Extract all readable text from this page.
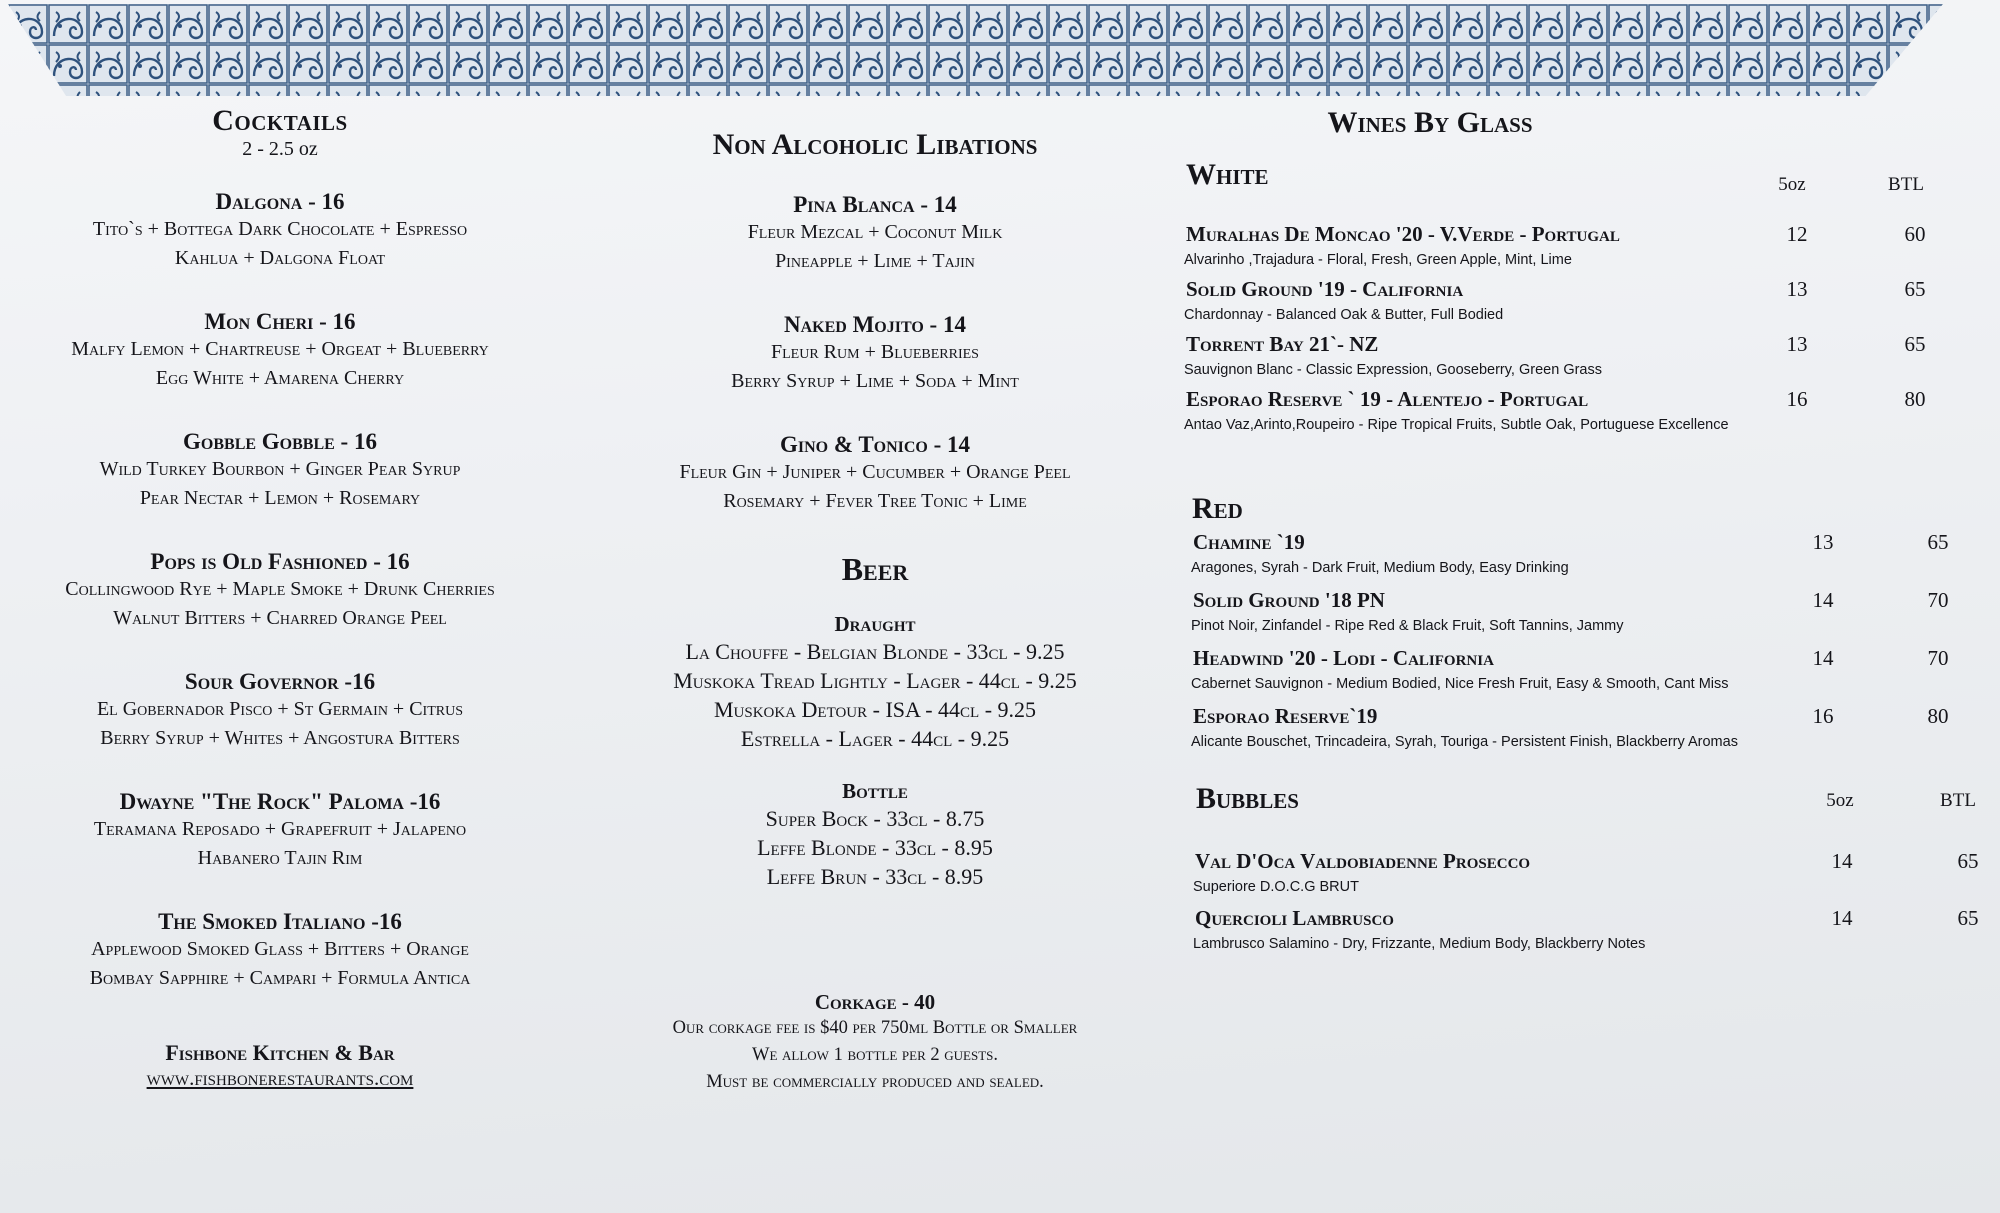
Cocktails
2 - 2.5 oz
Dalgona - 16
Tito`s + Bottega Dark Chocolate + Espresso
Kahlua + Dalgona Float
Mon Cheri - 16
Malfy Lemon + Chartreuse + Orgeat + Blueberry
Egg White + Amarena Cherry
Gobble Gobble - 16
Wild Turkey Bourbon + Ginger Pear Syrup
Pear Nectar + Lemon + Rosemary
Pops is Old Fashioned - 16
Collingwood Rye + Maple Smoke + Drunk Cherries
Walnut Bitters + Charred Orange Peel
Sour Governor -16
El Gobernador Pisco + St Germain + Citrus
Berry Syrup + Whites + Angostura Bitters
Dwayne "The Rock" Paloma -16
Teramana Reposado + Grapefruit + Jalapeno
Habanero Tajin Rim
The Smoked Italiano -16
Applewood Smoked Glass + Bitters + Orange
Bombay Sapphire + Campari + Formula Antica
Fishbone Kitchen & Bar
www.fishbonerestaurants.com
Non Alcoholic Libations
Pina Blanca - 14
Fleur Mezcal + Coconut Milk
Pineapple + Lime + Tajin
Naked Mojito - 14
Fleur Rum + Blueberries
Berry Syrup + Lime + Soda + Mint
Gino & Tonico - 14
Fleur Gin + Juniper + Cucumber + Orange Peel
Rosemary + Fever Tree Tonic + Lime
Beer
Draught
La Chouffe - Belgian Blonde - 33cl - 9.25
Muskoka Tread Lightly - Lager - 44cl - 9.25
Muskoka Detour - ISA - 44cl - 9.25
Estrella - Lager - 44cl - 9.25
Bottle
Super Bock - 33cl - 8.75
Leffe Blonde - 33cl - 8.95
Leffe Brun - 33cl - 8.95
Corkage - 40
Our corkage fee is $40 per 750ml Bottle or Smaller
We allow 1 bottle per 2 guests.
Must be commercially produced and sealed.
Wines By Glass
White	5oz	BTL
Muralhas De Moncao '20 - V.Verde - Portugal
Alvarinho ,Trajadura - Floral, Fresh, Green Apple, Mint, Lime
12	60
Solid Ground '19 - California
Chardonnay - Balanced Oak & Butter, Full Bodied
13	65
Torrent Bay 21`- NZ
Sauvignon Blanc - Classic Expression, Gooseberry, Green Grass
13	65
Esporao Reserve ` 19 - Alentejo - Portugal
Antao Vaz,Arinto,Roupeiro - Ripe Tropical Fruits, Subtle Oak, Portuguese Excellence
16	80
Red
Chamine `19
Aragones, Syrah - Dark Fruit, Medium Body, Easy Drinking
13	65
Solid Ground '18 PN
Pinot Noir, Zinfandel - Ripe Red & Black Fruit, Soft Tannins, Jammy
14	70
Headwind '20 - Lodi - California
Cabernet Sauvignon - Medium Bodied, Nice Fresh Fruit, Easy & Smooth, Cant Miss
14	70
Esporao Reserve`19
Alicante Bouschet, Trincadeira, Syrah, Touriga - Persistent Finish, Blackberry Aromas
16	80
Bubbles	5oz	BTL
Val D'Oca Valdobiadenne Prosecco
Superiore D.O.C.G BRUT
14	65
Quercioli Lambrusco
Lambrusco Salamino - Dry, Frizzante, Medium Body, Blackberry Notes
14	65
